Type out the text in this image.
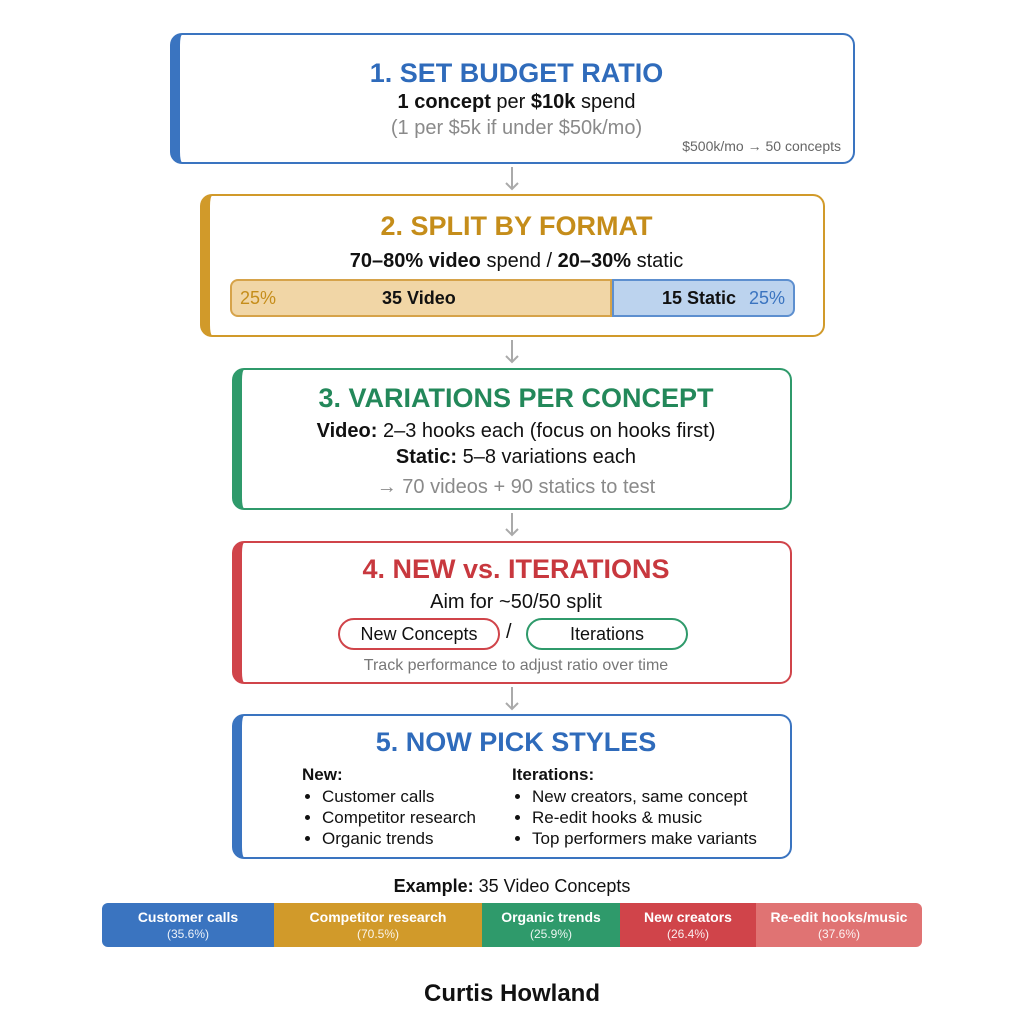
1. SET BUDGET RATIO
1 concept per $10k spend
(1 per $5k if under $50k/mo)
$500k/mo → 50 concepts
2. SPLIT BY FORMAT
70–80% video spend / 20–30% static
25%	35 Video	15 Static 25%
3. VARIATIONS PER CONCEPT
Video: 2–3 hooks each (focus on hooks first)
Static: 5–8 variations each
→ 70 videos + 90 statics to test
4. NEW vs. ITERATIONS
Aim for ~50/50 split
New Concepts	/	Iterations
Track performance to adjust ratio over time
5. NOW PICK STYLES
New:
• Customer calls
• Competitor research
• Organic trends
Iterations:
• New creators, same concept
• Re-edit hooks & music
• Top performers make variants
Example: 35 Video Concepts
Customer calls
(35.6%)
Competitor research
(70.5%)
Organic trends
(25.9%)
New creators
(26.4%)
Re-edit hooks/music
(37.6%)
Curtis Howland
